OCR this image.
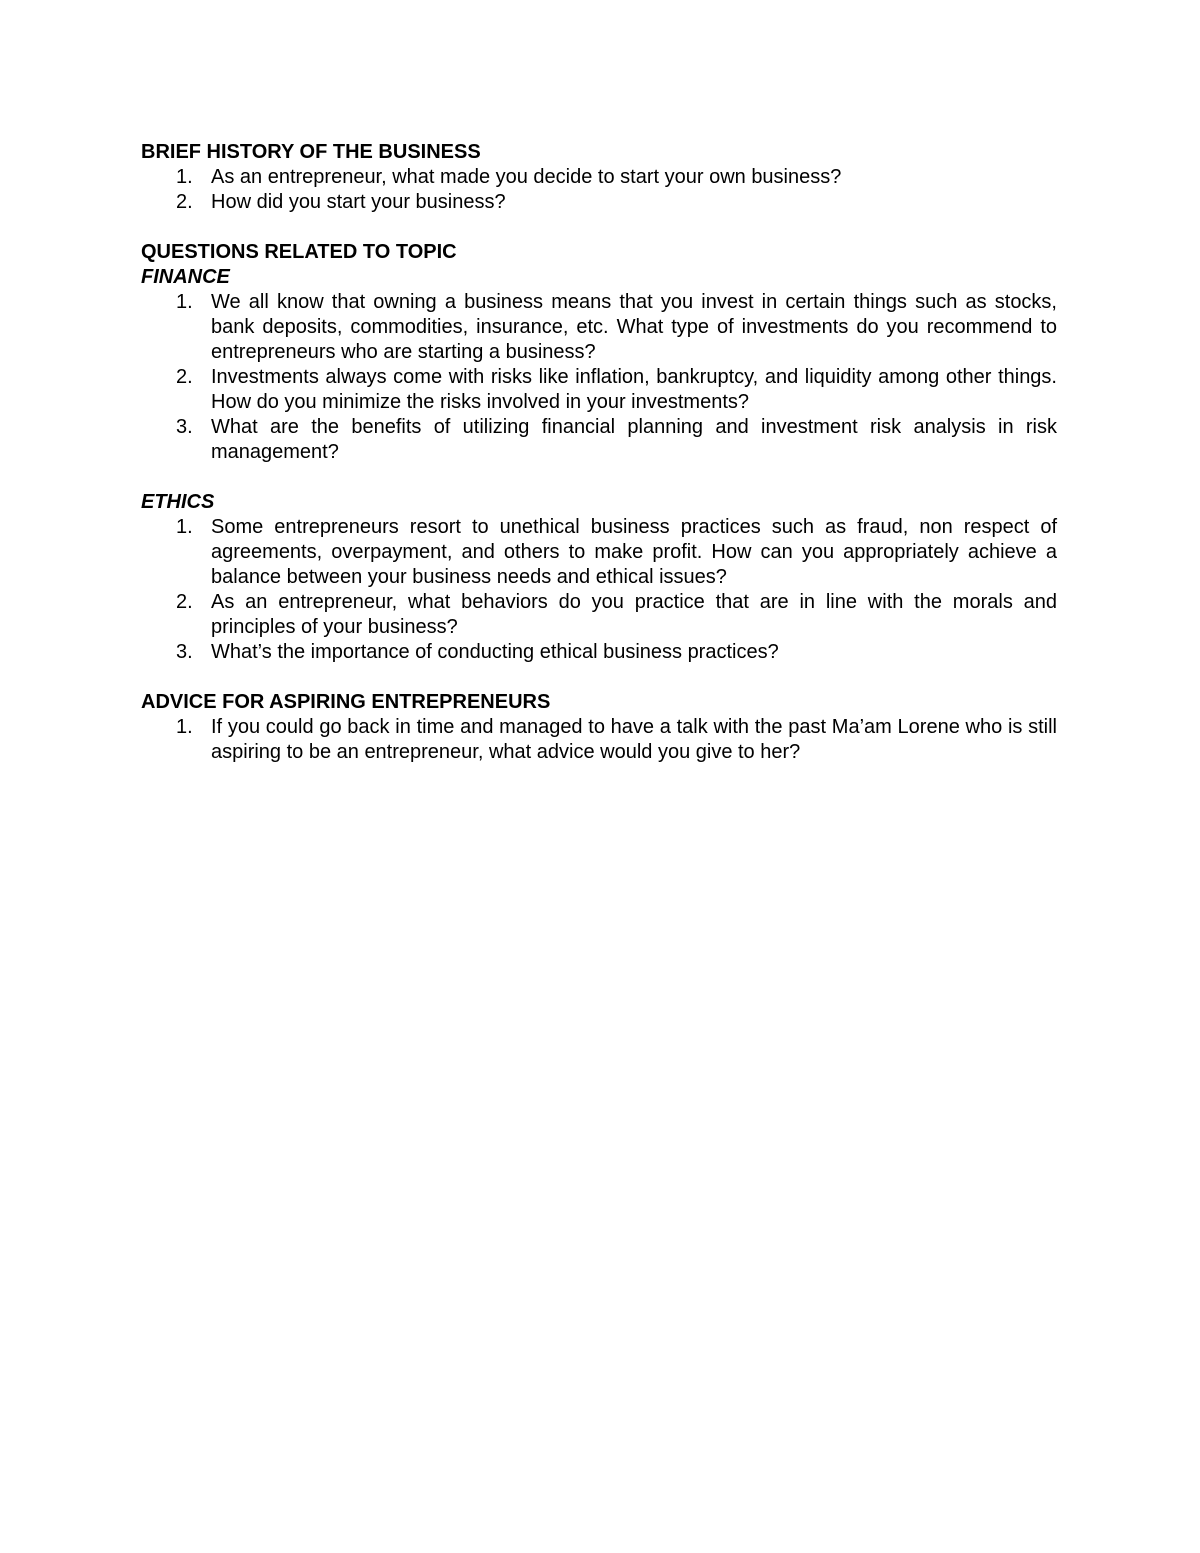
BRIEF HISTORY OF THE BUSINESS

1. As an entrepreneur, what made you decide to start your own business?
2. How did you start your business?

QUESTIONS RELATED TO TOPIC

FINANCE

1. We all know that owning a business means that you invest in certain things such as stocks, bank deposits, commodities, insurance, etc. What type of investments do you recommend to entrepreneurs who are starting a business?
2. Investments always come with risks like inflation, bankruptcy, and liquidity among other things. How do you minimize the risks involved in your investments?
3. What are the benefits of utilizing financial planning and investment risk analysis in risk management?

ETHICS

1. Some entrepreneurs resort to unethical business practices such as fraud, non respect of agreements, overpayment, and others to make profit. How can you appropriately achieve a balance between your business needs and ethical issues?
2. As an entrepreneur, what behaviors do you practice that are in line with the morals and principles of your business?
3. What’s the importance of conducting ethical business practices?

ADVICE FOR ASPIRING ENTREPRENEURS

1. If you could go back in time and managed to have a talk with the past Ma’am Lorene who is still aspiring to be an entrepreneur, what advice would you give to her?
